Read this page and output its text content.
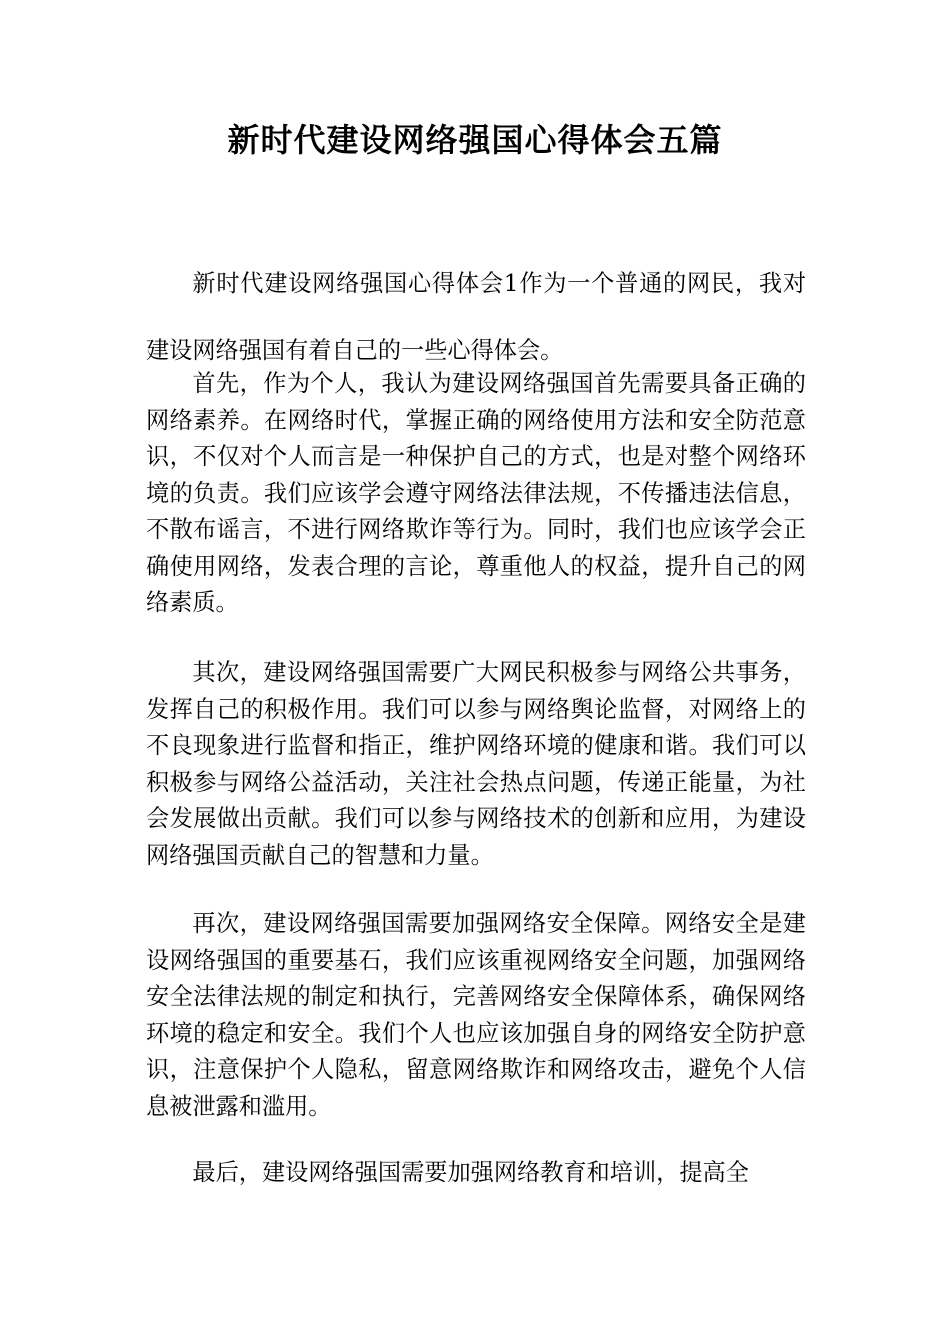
新时代建设网络强国心得体会五篇

新时代建设网络强国心得体会1作为一个普通的网民，我对建设网络强国有着自己的一些心得体会。

首先，作为个人，我认为建设网络强国首先需要具备正确的网络素养。在网络时代，掌握正确的网络使用方法和安全防范意识，不仅对个人而言是一种保护自己的方式，也是对整个网络环境的负责。我们应该学会遵守网络法律法规，不传播违法信息，不散布谣言，不进行网络欺诈等行为。同时，我们也应该学会正确使用网络，发表合理的言论，尊重他人的权益，提升自己的网络素质。

其次，建设网络强国需要广大网民积极参与网络公共事务，发挥自己的积极作用。我们可以参与网络舆论监督，对网络上的不良现象进行监督和指正，维护网络环境的健康和谐。我们可以积极参与网络公益活动，关注社会热点问题，传递正能量，为社会发展做出贡献。我们可以参与网络技术的创新和应用，为建设网络强国贡献自己的智慧和力量。

再次，建设网络强国需要加强网络安全保障。网络安全是建设网络强国的重要基石，我们应该重视网络安全问题，加强网络安全法律法规的制定和执行，完善网络安全保障体系，确保网络环境的稳定和安全。我们个人也应该加强自身的网络安全防护意识，注意保护个人隐私，留意网络欺诈和网络攻击，避免个人信息被泄露和滥用。

最后，建设网络强国需要加强网络教育和培训，提高全
